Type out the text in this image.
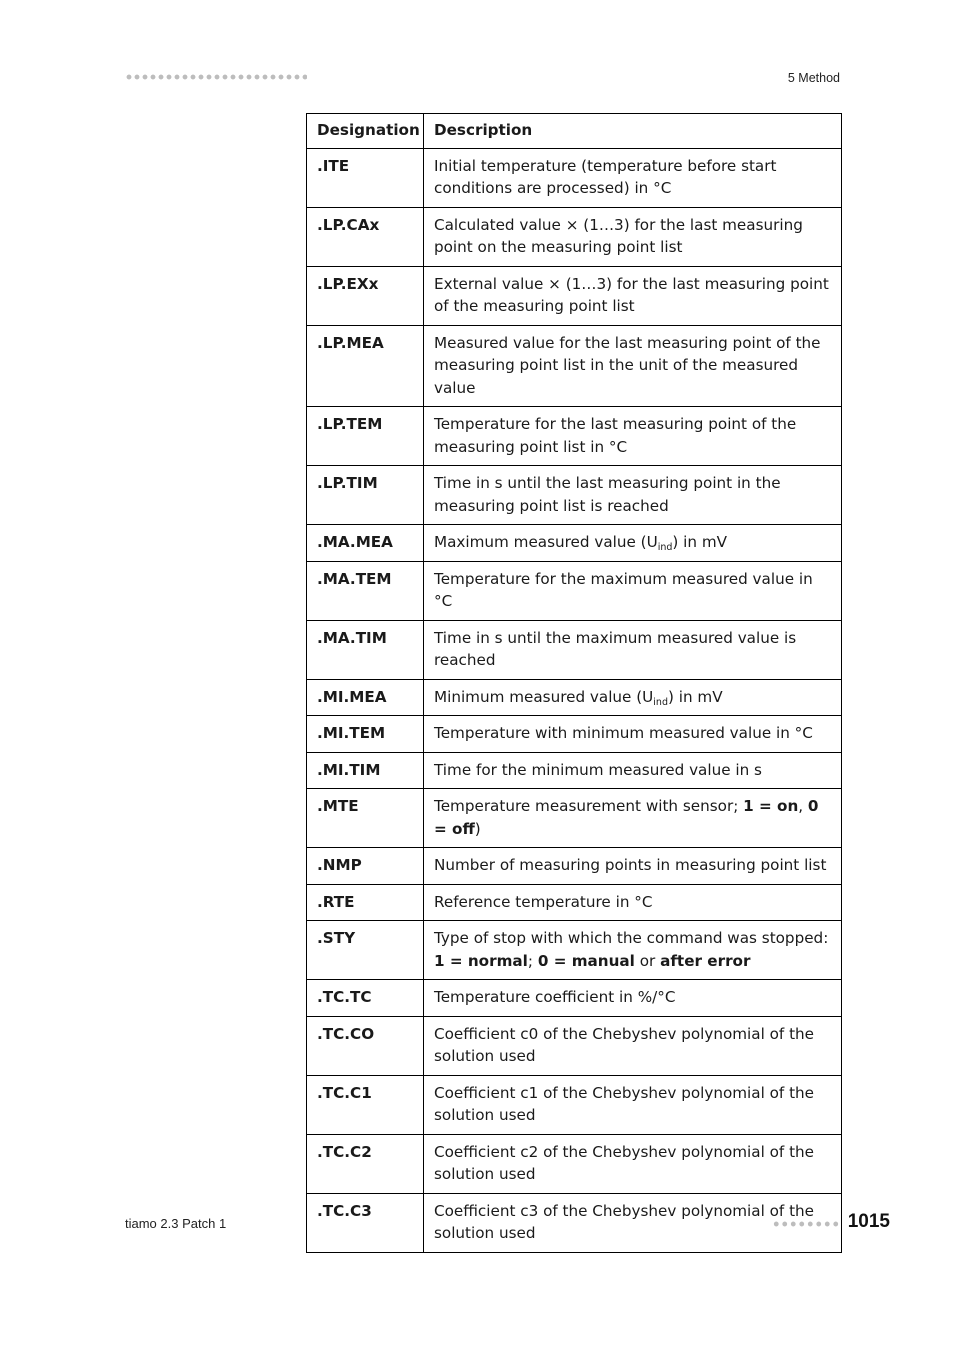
5 Method
Designation	Description
.ITE	Initial temperature (temperature before start conditions are processed) in °C
.LP.CAx	Calculated value × (1…3) for the last measuring point on the measuring point list
.LP.EXx	External value × (1…3) for the last measuring point of the measuring point list
.LP.MEA	Measured value for the last measuring point of the measuring point list in the unit of the measured value
.LP.TEM	Temperature for the last measuring point of the measuring point list in °C
.LP.TIM	Time in s until the last measuring point in the measuring point list is reached
.MA.MEA	Maximum measured value $(U_{ind})$ in mV
.MA.TEM	Temperature for the maximum measured value in °C
.MA.TIM	Time in s until the maximum measured value is reached
.MI.MEA	Minimum measured value $(U_{ind})$ in mV
.MI.TEM	Temperature with minimum measured value in °C
.MI.TIM	Time for the minimum measured value in s
.MTE	Temperature measurement with sensor; 1 = on, 0 = off)
.NMP	Number of measuring points in measuring point list
.RTE	Reference temperature in °C
.STY	Type of stop with which the command was stopped: 1 = normal; 0 = manual or after error
.TC.TC	Temperature coefficient in %/°C
.TC.CO	Coefficient c0 of the Chebyshev polynomial of the solution used
.TC.C1	Coefficient c1 of the Chebyshev polynomial of the solution used
.TC.C2	Coefficient c2 of the Chebyshev polynomial of the solution used
.TC.C3	Coefficient c3 of the Chebyshev polynomial of the solution used
tiamo 2.3 Patch 1	1015
